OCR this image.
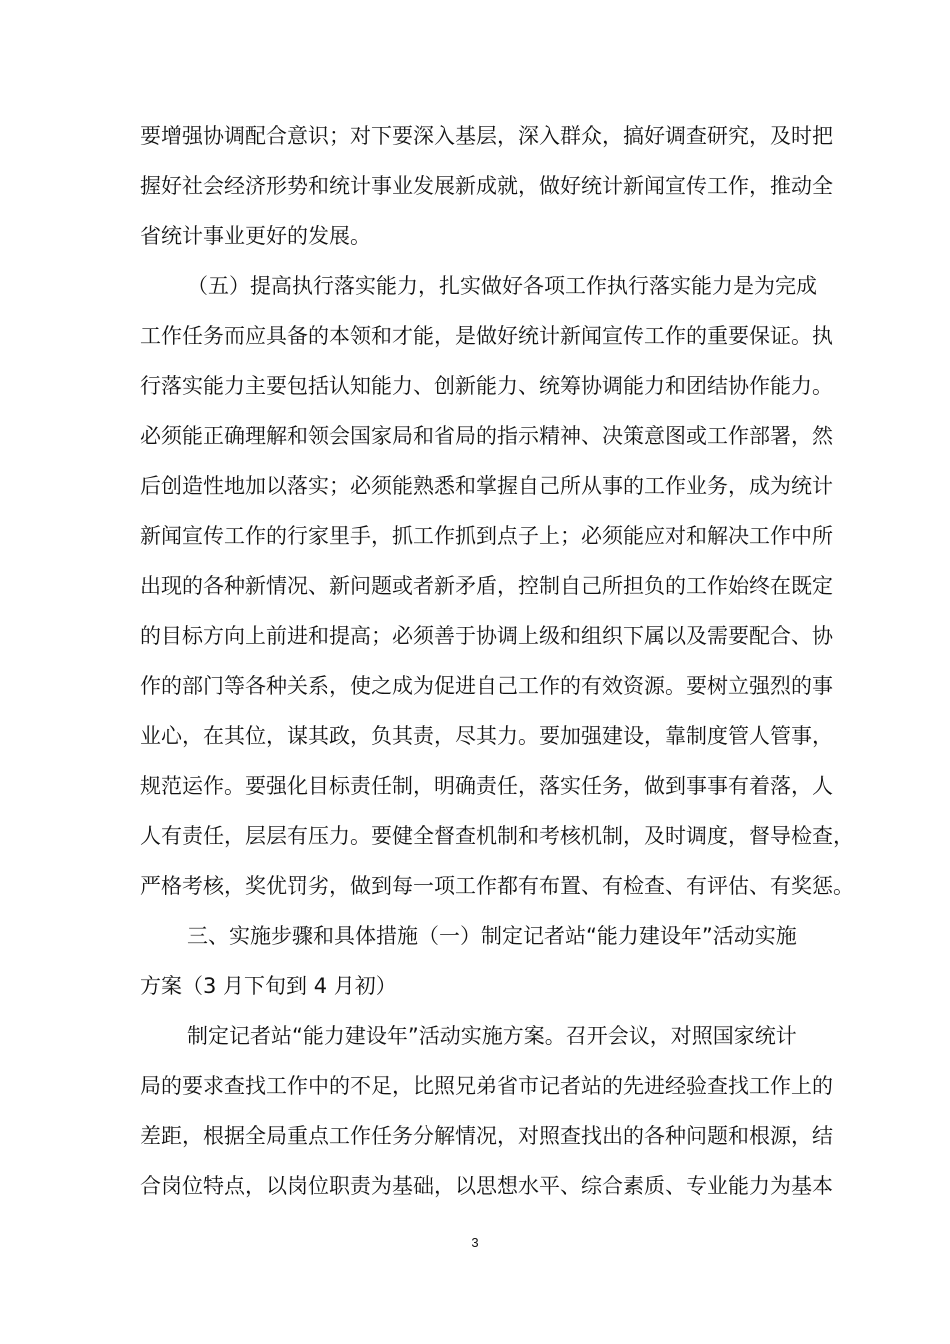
要增强协调配合意识；对下要深入基层，深入群众，搞好调查研究，及时把
握好社会经济形势和统计事业发展新成就，做好统计新闻宣传工作，推动全
省统计事业更好的发展。
（五）提高执行落实能力，扎实做好各项工作执行落实能力是为完成
工作任务而应具备的本领和才能，是做好统计新闻宣传工作的重要保证。执
行落实能力主要包括认知能力、创新能力、统筹协调能力和团结协作能力。
必须能正确理解和领会国家局和省局的指示精神、决策意图或工作部署，然
后创造性地加以落实；必须能熟悉和掌握自己所从事的工作业务，成为统计
新闻宣传工作的行家里手，抓工作抓到点子上；必须能应对和解决工作中所
出现的各种新情况、新问题或者新矛盾，控制自己所担负的工作始终在既定
的目标方向上前进和提高；必须善于协调上级和组织下属以及需要配合、协
作的部门等各种关系，使之成为促进自己工作的有效资源。要树立强烈的事
业心，在其位，谋其政，负其责，尽其力。要加强建设，靠制度管人管事，
规范运作。要强化目标责任制，明确责任，落实任务，做到事事有着落，人
人有责任，层层有压力。要健全督查机制和考核机制，及时调度，督导检查，
严格考核，奖优罚劣，做到每一项工作都有布置、有检查、有评估、有奖惩。
三、实施步骤和具体措施（一）制定记者站“能力建设年”活动实施
方案（3 月下旬到 4 月初）
制定记者站“能力建设年”活动实施方案。召开会议，对照国家统计
局的要求查找工作中的不足，比照兄弟省市记者站的先进经验查找工作上的
差距，根据全局重点工作任务分解情况，对照查找出的各种问题和根源，结
合岗位特点，以岗位职责为基础，以思想水平、综合素质、专业能力为基本
3
